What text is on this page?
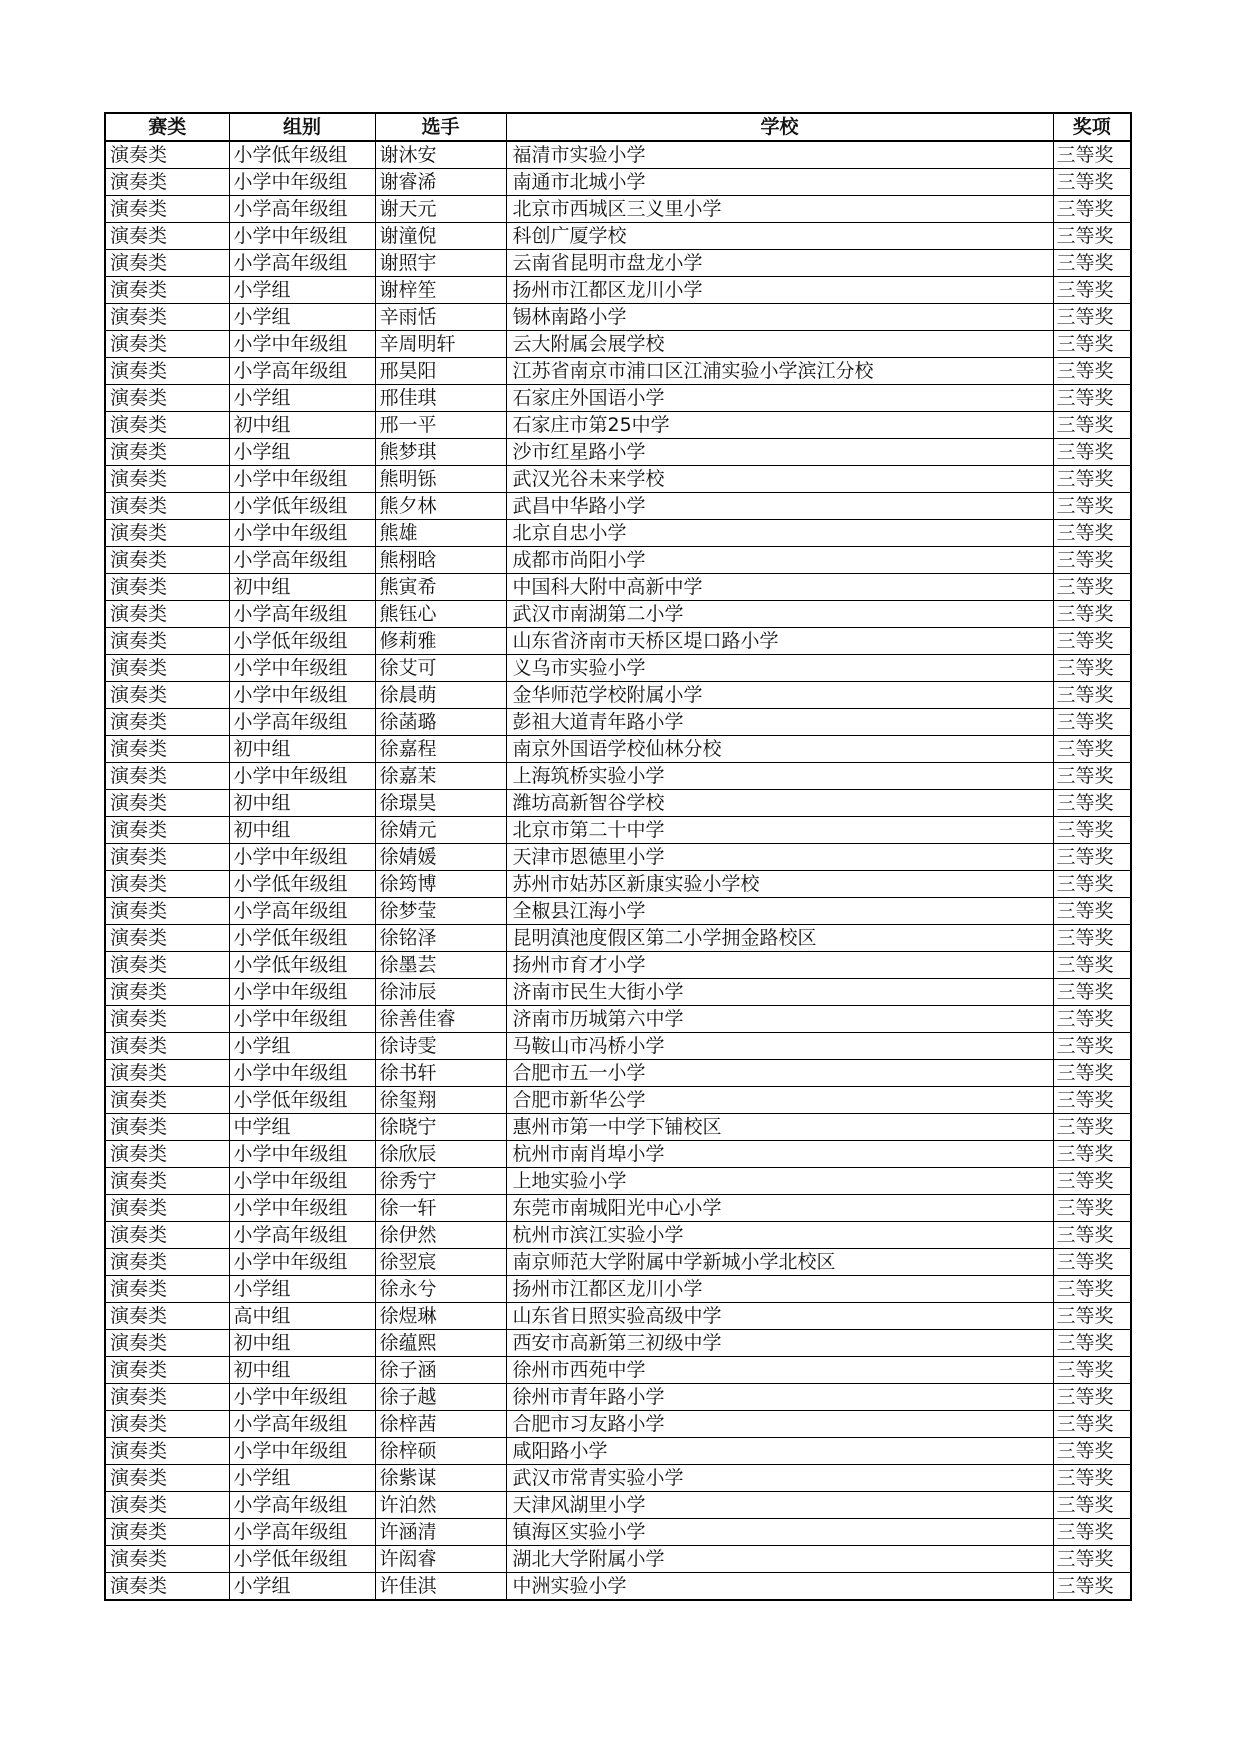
赛类	组别	选手	学校	奖项
演奏类	小学低年级组	谢沐安	福清市实验小学	三等奖
演奏类	小学中年级组	谢睿浠	南通市北城小学	三等奖
演奏类	小学高年级组	谢天元	北京市西城区三义里小学	三等奖
演奏类	小学中年级组	谢潼倪	科创广厦学校	三等奖
演奏类	小学高年级组	谢照宇	云南省昆明市盘龙小学	三等奖
演奏类	小学组	谢梓笙	扬州市江都区龙川小学	三等奖
演奏类	小学组	辛雨恬	锡林南路小学	三等奖
演奏类	小学中年级组	辛周明轩	云大附属会展学校	三等奖
演奏类	小学高年级组	邢昊阳	江苏省南京市浦口区江浦实验小学滨江分校	三等奖
演奏类	小学组	邢佳琪	石家庄外国语小学	三等奖
演奏类	初中组	邢一平	石家庄市第25中学	三等奖
演奏类	小学组	熊梦琪	沙市红星路小学	三等奖
演奏类	小学中年级组	熊明铄	武汉光谷未来学校	三等奖
演奏类	小学低年级组	熊夕林	武昌中华路小学	三等奖
演奏类	小学中年级组	熊雄	北京自忠小学	三等奖
演奏类	小学高年级组	熊栩晗	成都市尚阳小学	三等奖
演奏类	初中组	熊寅希	中国科大附中高新中学	三等奖
演奏类	小学高年级组	熊钰心	武汉市南湖第二小学	三等奖
演奏类	小学低年级组	修莉雅	山东省济南市天桥区堤口路小学	三等奖
演奏类	小学中年级组	徐艾可	义乌市实验小学	三等奖
演奏类	小学中年级组	徐晨萌	金华师范学校附属小学	三等奖
演奏类	小学高年级组	徐菡璐	彭祖大道青年路小学	三等奖
演奏类	初中组	徐嘉程	南京外国语学校仙林分校	三等奖
演奏类	小学中年级组	徐嘉茉	上海筑桥实验小学	三等奖
演奏类	初中组	徐璟昊	潍坊高新智谷学校	三等奖
演奏类	初中组	徐婧元	北京市第二十中学	三等奖
演奏类	小学中年级组	徐婧媛	天津市恩德里小学	三等奖
演奏类	小学低年级组	徐筠博	苏州市姑苏区新康实验小学校	三等奖
演奏类	小学高年级组	徐梦莹	全椒县江海小学	三等奖
演奏类	小学低年级组	徐铭泽	昆明滇池度假区第二小学拥金路校区	三等奖
演奏类	小学低年级组	徐墨芸	扬州市育才小学	三等奖
演奏类	小学中年级组	徐沛辰	济南市民生大街小学	三等奖
演奏类	小学中年级组	徐善佳睿	济南市历城第六中学	三等奖
演奏类	小学组	徐诗雯	马鞍山市冯桥小学	三等奖
演奏类	小学中年级组	徐书轩	合肥市五一小学	三等奖
演奏类	小学低年级组	徐玺翔	合肥市新华公学	三等奖
演奏类	中学组	徐晓宁	惠州市第一中学下铺校区	三等奖
演奏类	小学中年级组	徐欣辰	杭州市南肖埠小学	三等奖
演奏类	小学中年级组	徐秀宁	上地实验小学	三等奖
演奏类	小学中年级组	徐一轩	东莞市南城阳光中心小学	三等奖
演奏类	小学高年级组	徐伊然	杭州市滨江实验小学	三等奖
演奏类	小学中年级组	徐翌宸	南京师范大学附属中学新城小学北校区	三等奖
演奏类	小学组	徐永兮	扬州市江都区龙川小学	三等奖
演奏类	高中组	徐煜琳	山东省日照实验高级中学	三等奖
演奏类	初中组	徐蕴熙	西安市高新第三初级中学	三等奖
演奏类	初中组	徐子涵	徐州市西苑中学	三等奖
演奏类	小学中年级组	徐子越	徐州市青年路小学	三等奖
演奏类	小学高年级组	徐梓茜	合肥市习友路小学	三等奖
演奏类	小学中年级组	徐梓硕	咸阳路小学	三等奖
演奏类	小学组	徐紫谋	武汉市常青实验小学	三等奖
演奏类	小学高年级组	许泊然	天津风湖里小学	三等奖
演奏类	小学高年级组	许涵清	镇海区实验小学	三等奖
演奏类	小学低年级组	许闳睿	湖北大学附属小学	三等奖
演奏类	小学组	许佳淇	中洲实验小学	三等奖
